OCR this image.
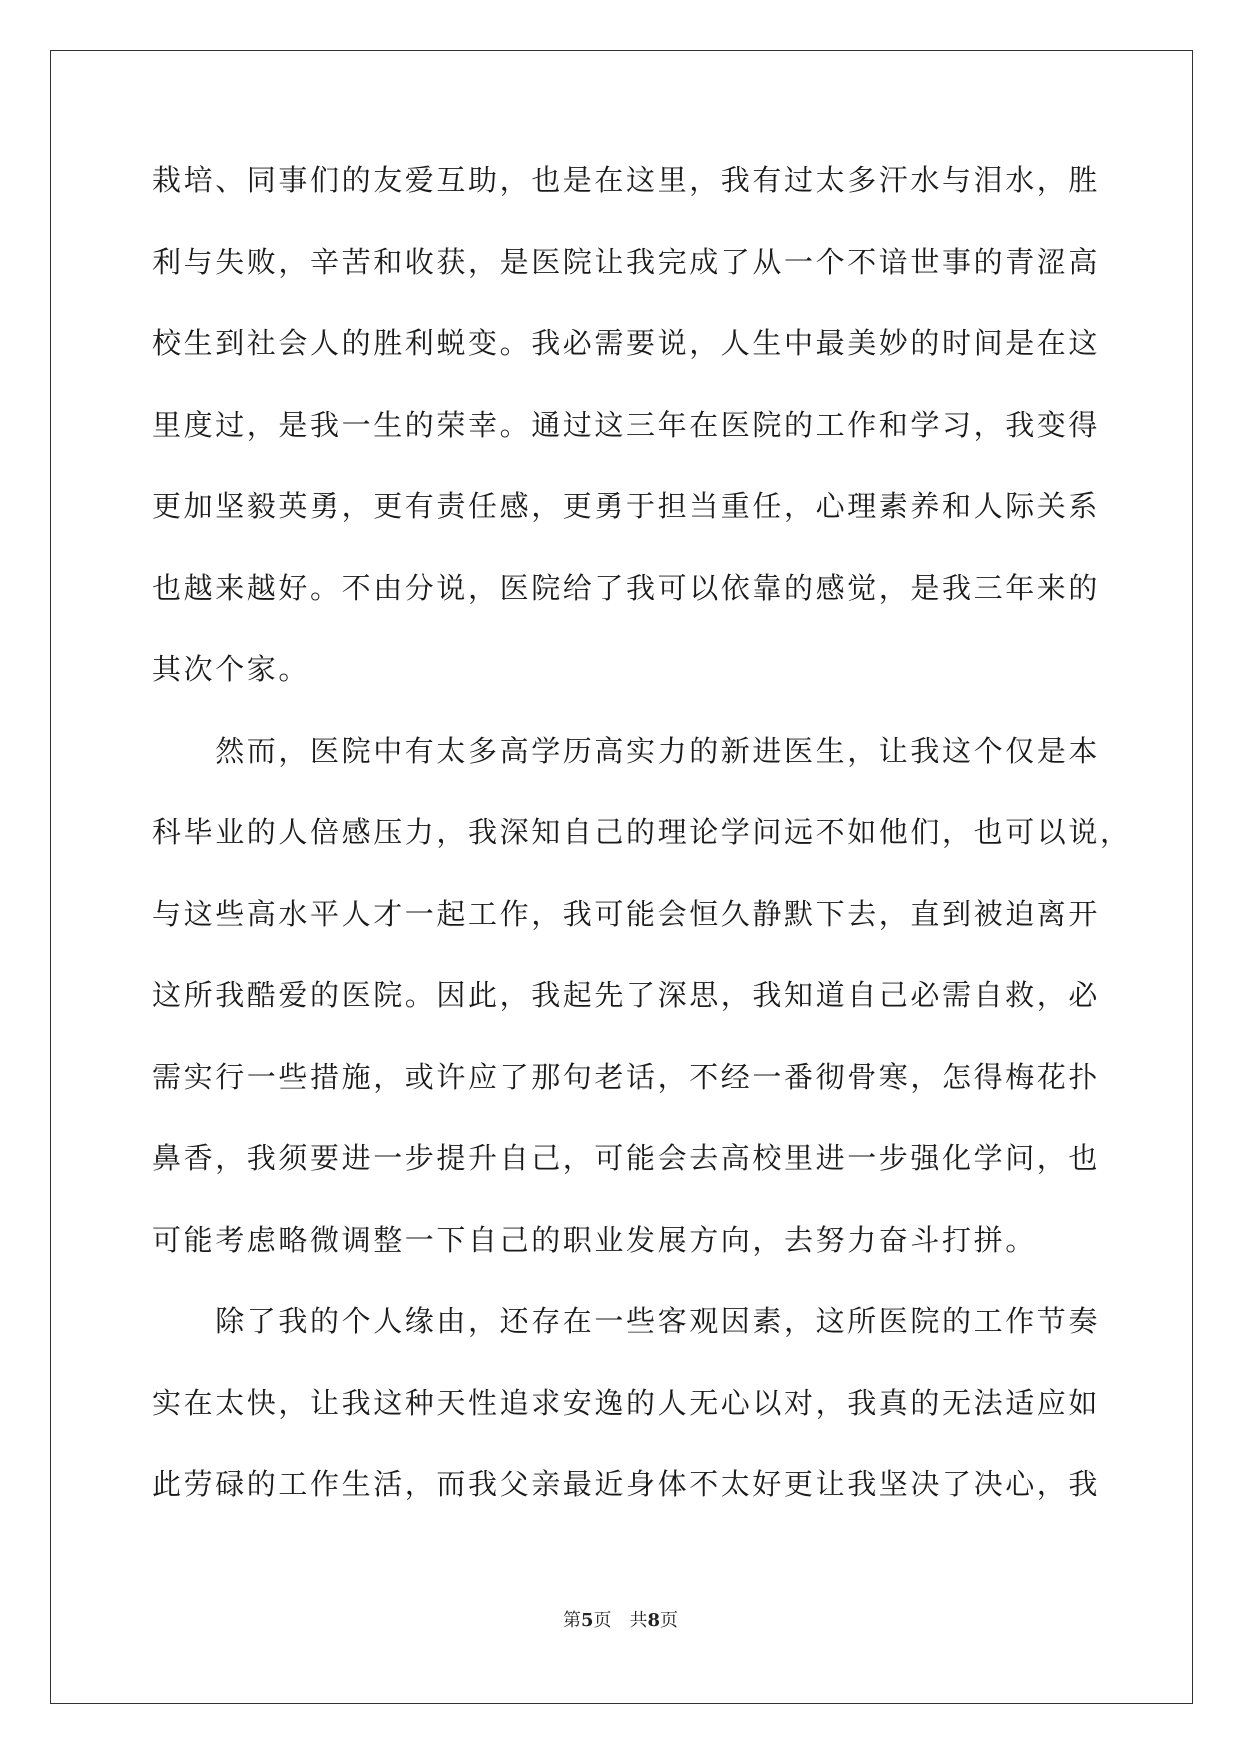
栽培、同事们的友爱互助，也是在这里，我有过太多汗水与泪水，胜
利与失败，辛苦和收获，是医院让我完成了从一个不谙世事的青涩高
校生到社会人的胜利蜕变。我必需要说，人生中最美妙的时间是在这
里度过，是我一生的荣幸。通过这三年在医院的工作和学习，我变得
更加坚毅英勇，更有责任感，更勇于担当重任，心理素养和人际关系
也越来越好。不由分说，医院给了我可以依靠的感觉，是我三年来的
其次个家。
　　然而，医院中有太多高学历高实力的新进医生，让我这个仅是本
科毕业的人倍感压力，我深知自己的理论学问远不如他们，也可以说，
与这些高水平人才一起工作，我可能会恒久静默下去，直到被迫离开
这所我酷爱的医院。因此，我起先了深思，我知道自己必需自救，必
需实行一些措施，或许应了那句老话，不经一番彻骨寒，怎得梅花扑
鼻香，我须要进一步提升自己，可能会去高校里进一步强化学问，也
可能考虑略微调整一下自己的职业发展方向，去努力奋斗打拼。
　　除了我的个人缘由，还存在一些客观因素，这所医院的工作节奏
实在太快，让我这种天性追求安逸的人无心以对，我真的无法适应如
此劳碌的工作生活，而我父亲最近身体不太好更让我坚决了决心，我
第5页　共8页
